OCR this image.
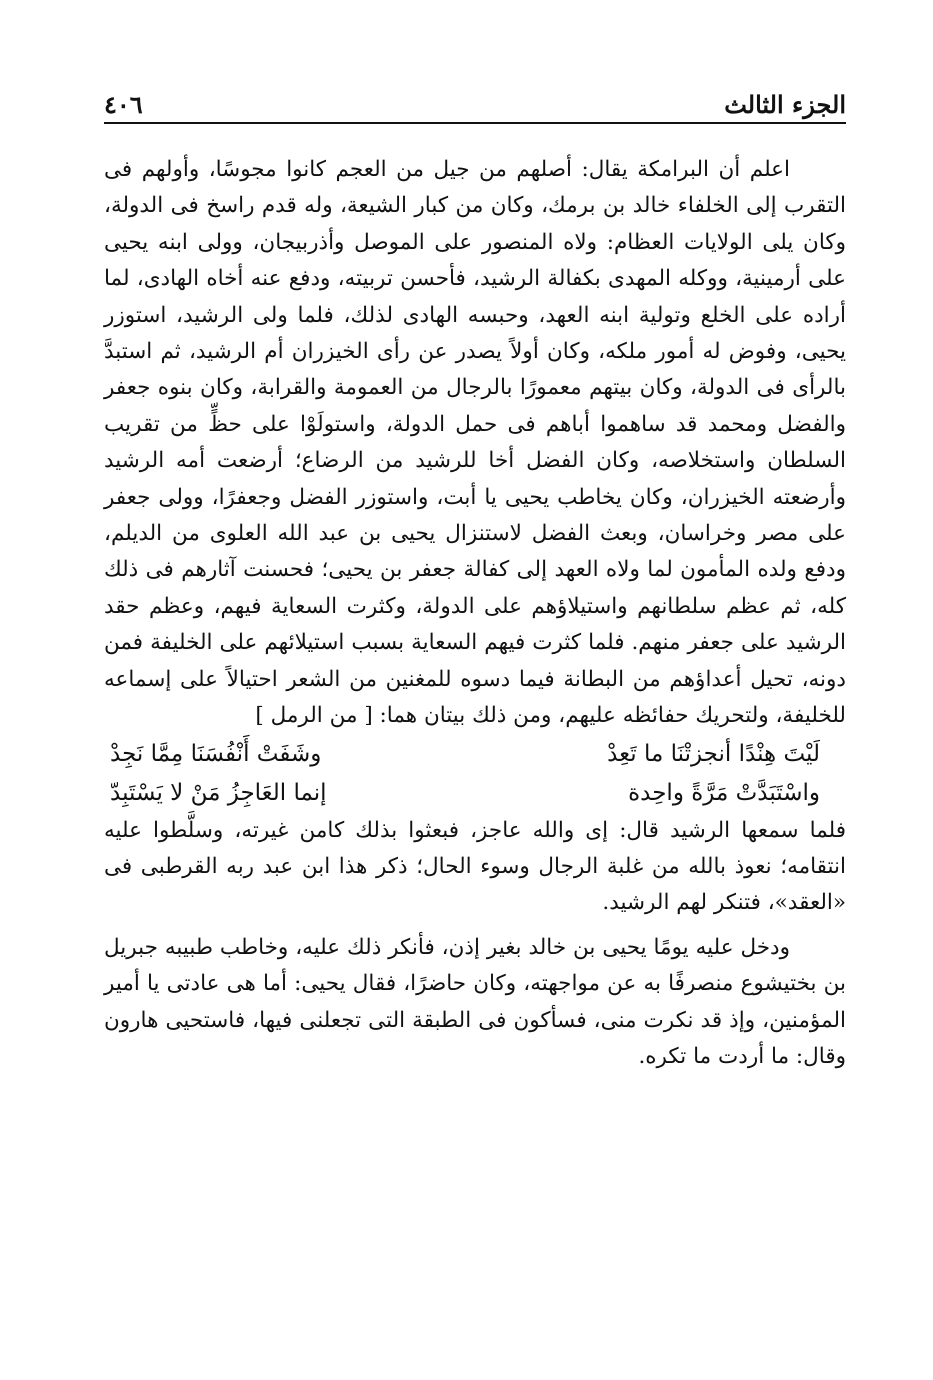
الجزء الثالث
٤٠٦

اعلم أن البرامكة يقال: أصلهم من جيل من العجم كانوا مجوسًا، وأولهم فى التقرب إلى الخلفاء خالد بن برمك، وكان من كبار الشيعة، وله قدم راسخ فى الدولة، وكان يلى الولايات العظام: ولاه المنصور على الموصل وأذربيجان، وولى ابنه يحيى على أرمينية، ووكله المهدى بكفالة الرشيد، فأحسن تربيته، ودفع عنه أخاه الهادى، لما أراده على الخلع وتولية ابنه العهد، وحبسه الهادى لذلك، فلما ولى الرشيد، استوزر يحيى، وفوض له أمور ملكه، وكان أولاً يصدر عن رأى الخيزران أم الرشيد، ثم استبدَّ بالرأى فى الدولة، وكان بيتهم معمورًا بالرجال من العمومة والقرابة، وكان بنوه جعفر والفضل ومحمد قد ساهموا أباهم فى حمل الدولة، واستولَوْا على حظٍّ من تقريب السلطان واستخلاصه، وكان الفضل أخا للرشيد من الرضاع؛ أرضعت أمه الرشيد وأرضعته الخيزران، وكان يخاطب يحيى يا أبت، واستوزر الفضل وجعفرًا، وولى جعفر على مصر وخراسان، وبعث الفضل لاستنزال يحيى بن عبد الله العلوى من الديلم، ودفع ولده المأمون لما ولاه العهد إلى كفالة جعفر بن يحيى؛ فحسنت آثارهم فى ذلك كله، ثم عظم سلطانهم واستيلاؤهم على الدولة، وكثرت السعاية فيهم، وعظم حقد الرشيد على جعفر منهم. فلما كثرت فيهم السعاية بسبب استيلائهم على الخليفة فمن دونه، تحيل أعداؤهم من البطانة فيما دسوه للمغنين من الشعر احتيالاً على إسماعه للخليفة، ولتحريك حفائظه عليهم، ومن ذلك بيتان هما: [ من الرمل ]

لَيْتَ هِنْدًا أنجزتْنَا ما تَعِدْ
وشَفَتْ أَنْفُسَنَا مِمَّا نَجِدْ
واسْتَبَدَّتْ مَرَّةً واحِدة
إنما العَاجِزُ مَنْ لا يَسْتَبِدّ

فلما سمعها الرشيد قال: إى والله عاجز، فبعثوا بذلك كامن غيرته، وسلَّطوا عليه انتقامه؛ نعوذ بالله من غلبة الرجال وسوء الحال؛ ذكر هذا ابن عبد ربه القرطبى فى «العقد»، فتنكر لهم الرشيد.

ودخل عليه يومًا يحيى بن خالد بغير إذن، فأنكر ذلك عليه، وخاطب طبيبه جبريل بن بختيشوع منصرفًا به عن مواجهته، وكان حاضرًا، فقال يحيى: أما هى عادتى يا أمير المؤمنين، وإذ قد نكرت منى، فسأكون فى الطبقة التى تجعلنى فيها، فاستحيى هارون وقال: ما أردت ما تكره.
